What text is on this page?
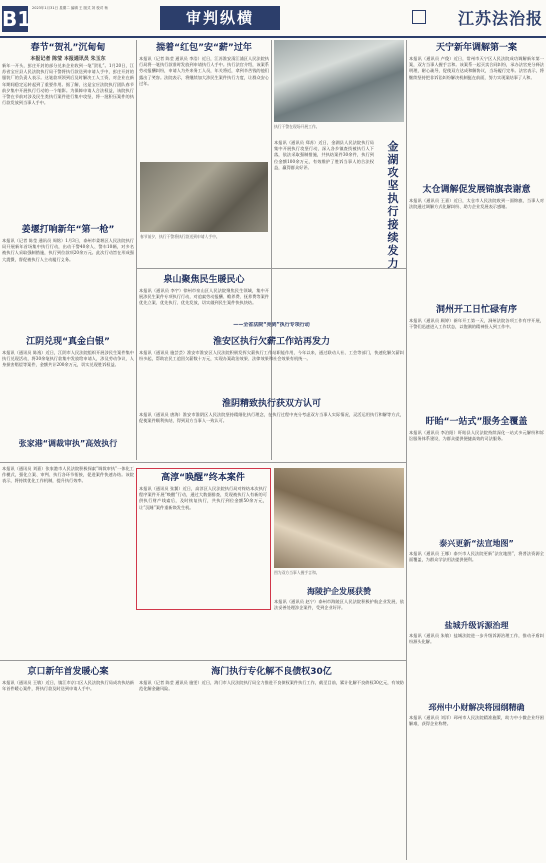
B1 2023年1月31日 星期二 编辑 王 版式 刘 校对 杨
审判纵横	江苏法治报
春节“贺礼”沉甸甸
本报记者 陈莹 本报通讯员 朱玉东
新年一开头，彭庄开封的部分兑来企业收到一笔“贺礼”。1月20日，江苏省宝应县人民法院执行局干警将执行款送到申请人手中，彭庄开封的服装厂的负责人表示。这笔款项领到后及时解决工人工资，对企业在新年期间稳定运转起到了重要作用。据了解，这是宝应法院执行团队春节前夕集中开展执行行动的一个缩影。为保障申请人合法权益，该院执行干警在节前对涉及民生类执行案件进行集中攻坚，将一批积压案件的执行款发放到当事人手中。
姜堰打响新年“第一枪”
本报讯（记者 陈莹 通讯员 周铭）1月3日，泰州市姜堰区人民法院执行局开展新年首场集中执行行动，出动干警40余人、警车10辆，对多名被执行人采取强制措施，执行到位款项20余万元。此次行动旨在形成强大震慑，督促被执行人主动履行义务。
江阴兑现“真金白银”
本报讯（通讯员 陈逸）近日，江阴市人民法院组织开展涉民生案件集中执行兑现活动，将30余笔执行款集中发放给申请人，涉及劳动争议、人身损害赔偿等案件，金额共计200余万元，切实兑现胜诉权益。
张家港“调裁审执”高效执行
本报讯（通讯员 刘嘉）张家港市人民法院积极探索“调裁审执”一体化工作模式，强化立案、审判、执行各环节衔接，促进案件快速办结。该院表示，将持续优化工作机制，提升执行效率。
揣着“红包”安“薪”过年
本报讯（记者 陈莹 通讯员 李浩）近日，江苏淮安清江浦区人民法院执行局将一笔执行款准时发放到申请执行人手中。执行法官介绍，该案系劳动报酬纠纷，申请人为外来务工人员，年关将近，拿到辛苦钱的他们露出了笑容。法院表示，将继续加大涉民生案件执行力度，让群众安心过年。
春节前夕，执行干警将执行款送到申请人手中。
泉山聚焦民生暖民心
本报讯（通讯员 李宇）徐州市泉山区人民法院聚焦民生领域，集中开展涉民生案件专项执行行动，对追索劳动报酬、赡养费、抚养费等案件优先立案、优先执行、优先发放，切实做到民生案件快执快结。
——全省法院“亮剑”执行专项行动
淮安区执行欠薪工作站再发力
本报讯（通讯员 施芸芸）淮安市淮安区人民法院积极发挥欠薪执行工作站职能作用，今年以来，通过联动人社、工会等部门，快速化解欠薪纠纷多起，帮助农民工追回欠薪数十万元，实现办案政治效果、法律效果和社会效果有机统一。
淮阴精致执行获双方认可
本报讯（通讯员 唐海）淮安市淮阴区人民法院坚持精细化执行理念，在执行过程中充分考虑双方当事人实际情况，灵活运用执行和解等方式，促使案件顺利执结，得到双方当事人一致认可。
执行干警在现场开展工作。
本报讯（通讯员 郑苏）近日，金湖县人民法院执行局集中开展执行攻坚行动，深入各乡镇查找被执行人下落，依法采取强制措施，共执结案件30余件，执行到位金额100余万元，有效维护了胜诉当事人的合法权益，赢得群众好评。
金湖攻坚执行接续发力
天宁新年调解第一案
本报讯（通讯员 卢俊）近日，常州市天宁区人民法院成功调解新年第一案，双方当事人握手言和。该案系一起买卖合同纠纷，承办法官充分释法明理，耐心疏导，促使双方达成和解协议，当场履行完毕。法官表示，将继续坚持把非诉讼纠纷解决机制挺在前面，努力实现案结事了人和。
太仓调解促发展锦旗表谢意
本报讯（通讯员 王嘉）近日，太仓市人民法院收到一面锦旗，当事人对法院通过调解方式化解纠纷、助力企业发展表示感谢。
洞州开工日忙碌有序
本报讯（通讯员 顾婷）新年开工第一天，洞州法院各项工作有序开展，干警们迅速进入工作状态，以饱满的精神投入到工作中。
盱眙“一站式”服务全覆盖
本报讯（通讯员 李泊阳）盱眙县人民法院持续深化一站式多元解纷和诉讼服务体系建设，为群众提供便捷高效的司法服务。
泰兴更新“法宣地图”
本报讯（通讯员 王娜）泰兴市人民法院更新“法宣地图”，将普法资源全面覆盖，为群众学法用法提供便利。
盐城升级诉源治理
本报讯（通讯员 朱敏）盐城法院进一步升级诉源治理工作，推动矛盾纠纷源头化解。
邳州中小财解决将园纲精确
本报讯（通讯员 刘洋）邳州市人民法院精准施策，助力中小微企业纾困解难，获得企业称赞。
高淳“唤醒”终本案件
本报讯（通讯员 张翼）近日，高淳区人民法院执行局对终结本次执行程序案件开展“唤醒”行动，通过大数据排查，发现被执行人有新的可供执行财产线索后，及时恢复执行，共执行到位金额50余万元，让“沉睡”案件重新焕发生机。
图为双方当事人握手言和。
海陵护企发展获赞
本报讯（通讯员 赵宁）泰州市海陵区人民法院积极护航企业发展，依法妥善处理涉企案件，受到企业好评。
京口新年首发暖心案
本报讯（通讯员 王敏）近日，镇江市京口区人民法院执行局成功执结新年首件暖心案件，将执行款及时送到申请人手中。
海门执行专化解不良债权30亿
本报讯（记者 陈莹 通讯员 施雯）近日，海门市人民法院执行局全力推进不良债权案件执行工作，截至目前，累计化解不良债权30亿元，有效防范化解金融风险。
